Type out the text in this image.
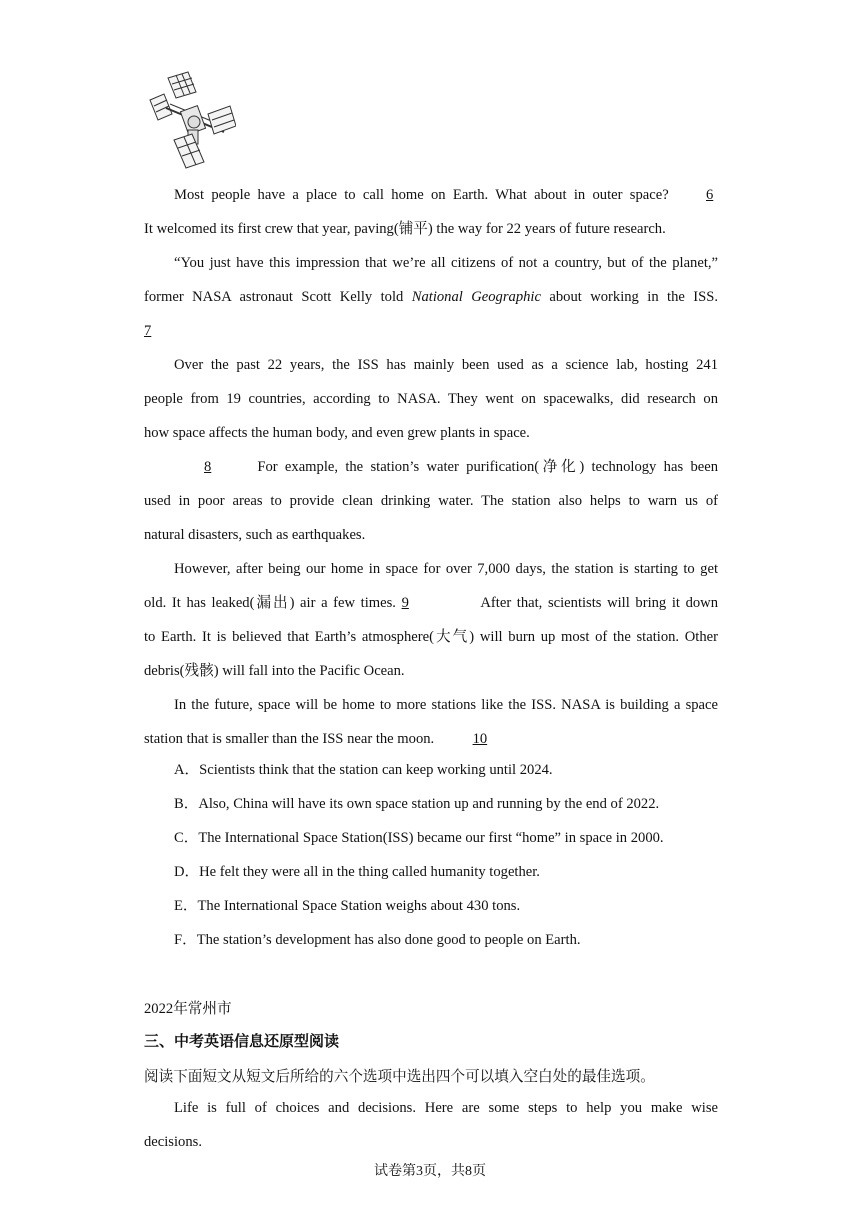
Most people have a place to call home on Earth. What about in outer space?	6
It welcomed its first crew that year, paving(铺平) the way for 22 years of future research.
“You just have this impression that we’re all citizens of not a country, but of the planet,”
former NASA astronaut Scott Kelly told National Geographic about working in the ISS.
7
Over the past 22 years, the ISS has mainly been used as a science lab, hosting 241
people from 19 countries, according to NASA. They went on spacewalks, did research on
how space affects the human body, and even grew plants in space.
8	For example, the station’s water purification(净化) technology has been
used in poor areas to provide clean drinking water. The station also helps to warn us of
natural disasters, such as earthquakes.
However, after being our home in space for over 7,000 days, the station is starting to get
old. It has leaked(漏出) air a few times. 9	After that, scientists will bring it down
to Earth. It is believed that Earth’s atmosphere(大气) will burn up most of the station. Other
debris(残骸) will fall into the Pacific Ocean.
In the future, space will be home to more stations like the ISS. NASA is building a space
station that is smaller than the ISS near the moon.	10
A．Scientists think that the station can keep working until 2024.
B．Also, China will have its own space station up and running by the end of 2022.
C．The International Space Station(ISS) became our first “home” in space in 2000.
D．He felt they were all in the thing called humanity together.
E．The International Space Station weighs about 430 tons.
F．The station’s development has also done good to people on Earth.
2022年常州市
三、中考英语信息还原型阅读
阅读下面短文从短文后所给的六个选项中选出四个可以填入空白处的最佳选项。
Life is full of choices and decisions. Here are some steps to help you make wise
decisions.
试卷第3页，共8页
